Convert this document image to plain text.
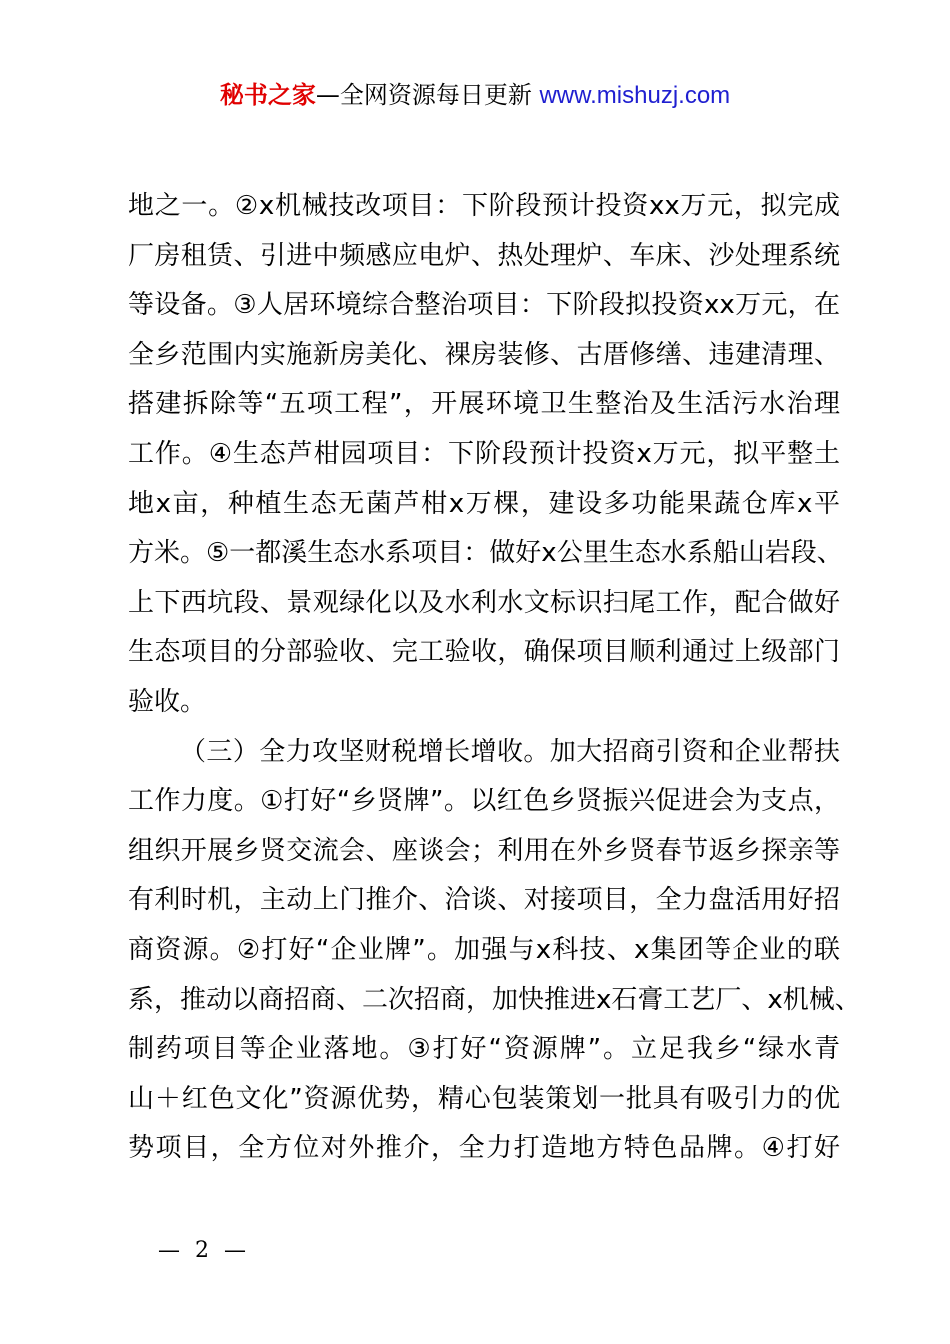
秘书之家—全网资源每日更新 www.mishuzj.com

地之一。②x机械技改项目：下阶段预计投资xx万元，拟完成
厂房租赁、引进中频感应电炉、热处理炉、车床、沙处理系统
等设备。③人居环境综合整治项目：下阶段拟投资xx万元，在
全乡范围内实施新房美化、裸房装修、古厝修缮、违建清理、
搭建拆除等“五项工程”，开展环境卫生整治及生活污水治理
工作。④生态芦柑园项目：下阶段预计投资x万元，拟平整土
地x亩，种植生态无菌芦柑x万棵，建设多功能果蔬仓库x平
方米。⑤一都溪生态水系项目：做好x公里生态水系船山岩段、
上下西坑段、景观绿化以及水利水文标识扫尾工作，配合做好
生态项目的分部验收、完工验收，确保项目顺利通过上级部门
验收。

（三）全力攻坚财税增长增收。加大招商引资和企业帮扶
工作力度。①打好“乡贤牌”。以红色乡贤振兴促进会为支点，
组织开展乡贤交流会、座谈会；利用在外乡贤春节返乡探亲等
有利时机，主动上门推介、洽谈、对接项目，全力盘活用好招
商资源。②打好“企业牌”。加强与x科技、x集团等企业的联
系，推动以商招商、二次招商，加快推进x石膏工艺厂、x机械、
制药项目等企业落地。③打好“资源牌”。立足我乡“绿水青
山＋红色文化”资源优势，精心包装策划一批具有吸引力的优
势项目，全方位对外推介，全力打造地方特色品牌。④打好

— 2 —
